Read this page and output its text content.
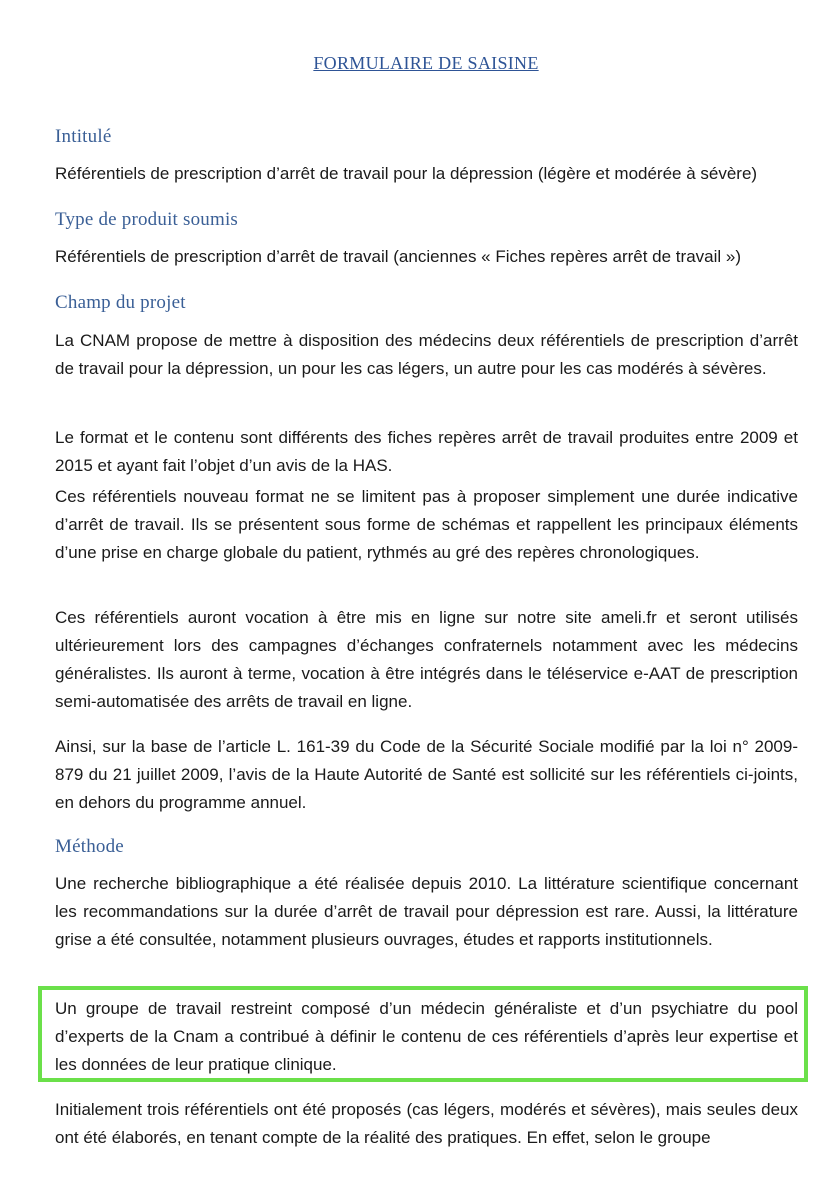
FORMULAIRE DE SAISINE
Intitulé
Référentiels de prescription d’arrêt de travail pour la dépression (légère et modérée à sévère)
Type de produit soumis
Référentiels de prescription d’arrêt de travail (anciennes « Fiches repères arrêt de travail »)
Champ du projet
La CNAM propose de mettre à disposition des médecins deux référentiels de prescription d’arrêt de travail pour la dépression, un pour les cas légers, un autre pour les cas modérés à sévères.
Le format et le contenu sont différents des fiches repères arrêt de travail produites entre 2009 et 2015 et ayant fait l’objet d’un avis de la HAS.
Ces référentiels nouveau format ne se limitent pas à proposer simplement une durée indicative d’arrêt de travail. Ils se présentent sous forme de schémas et rappellent les principaux éléments d’une prise en charge globale du patient, rythmés au gré des repères chronologiques.
Ces référentiels auront vocation à être mis en ligne sur notre site ameli.fr et seront utilisés ultérieurement lors des campagnes d’échanges confraternels notamment avec les médecins généralistes. Ils auront à terme, vocation à être intégrés dans le téléservice e-AAT de prescription semi-automatisée des arrêts de travail en ligne.
Ainsi, sur la base de l’article L. 161-39 du Code de la Sécurité Sociale modifié par la loi n° 2009-879 du 21 juillet 2009, l’avis de la Haute Autorité de Santé est sollicité sur les référentiels ci-joints, en dehors du programme annuel.
Méthode
Une recherche bibliographique a été réalisée depuis 2010. La littérature scientifique concernant les recommandations sur la durée d’arrêt de travail pour dépression est rare. Aussi, la littérature grise a été consultée, notamment plusieurs ouvrages, études et rapports institutionnels.
Un groupe de travail restreint composé d’un médecin généraliste et d’un psychiatre du pool d’experts de la Cnam a contribué à définir le contenu de ces référentiels d’après leur expertise et les données de leur pratique clinique.
Initialement trois référentiels ont été proposés (cas légers, modérés et sévères), mais seules deux ont été élaborés, en tenant compte de la réalité des pratiques. En effet, selon le groupe
